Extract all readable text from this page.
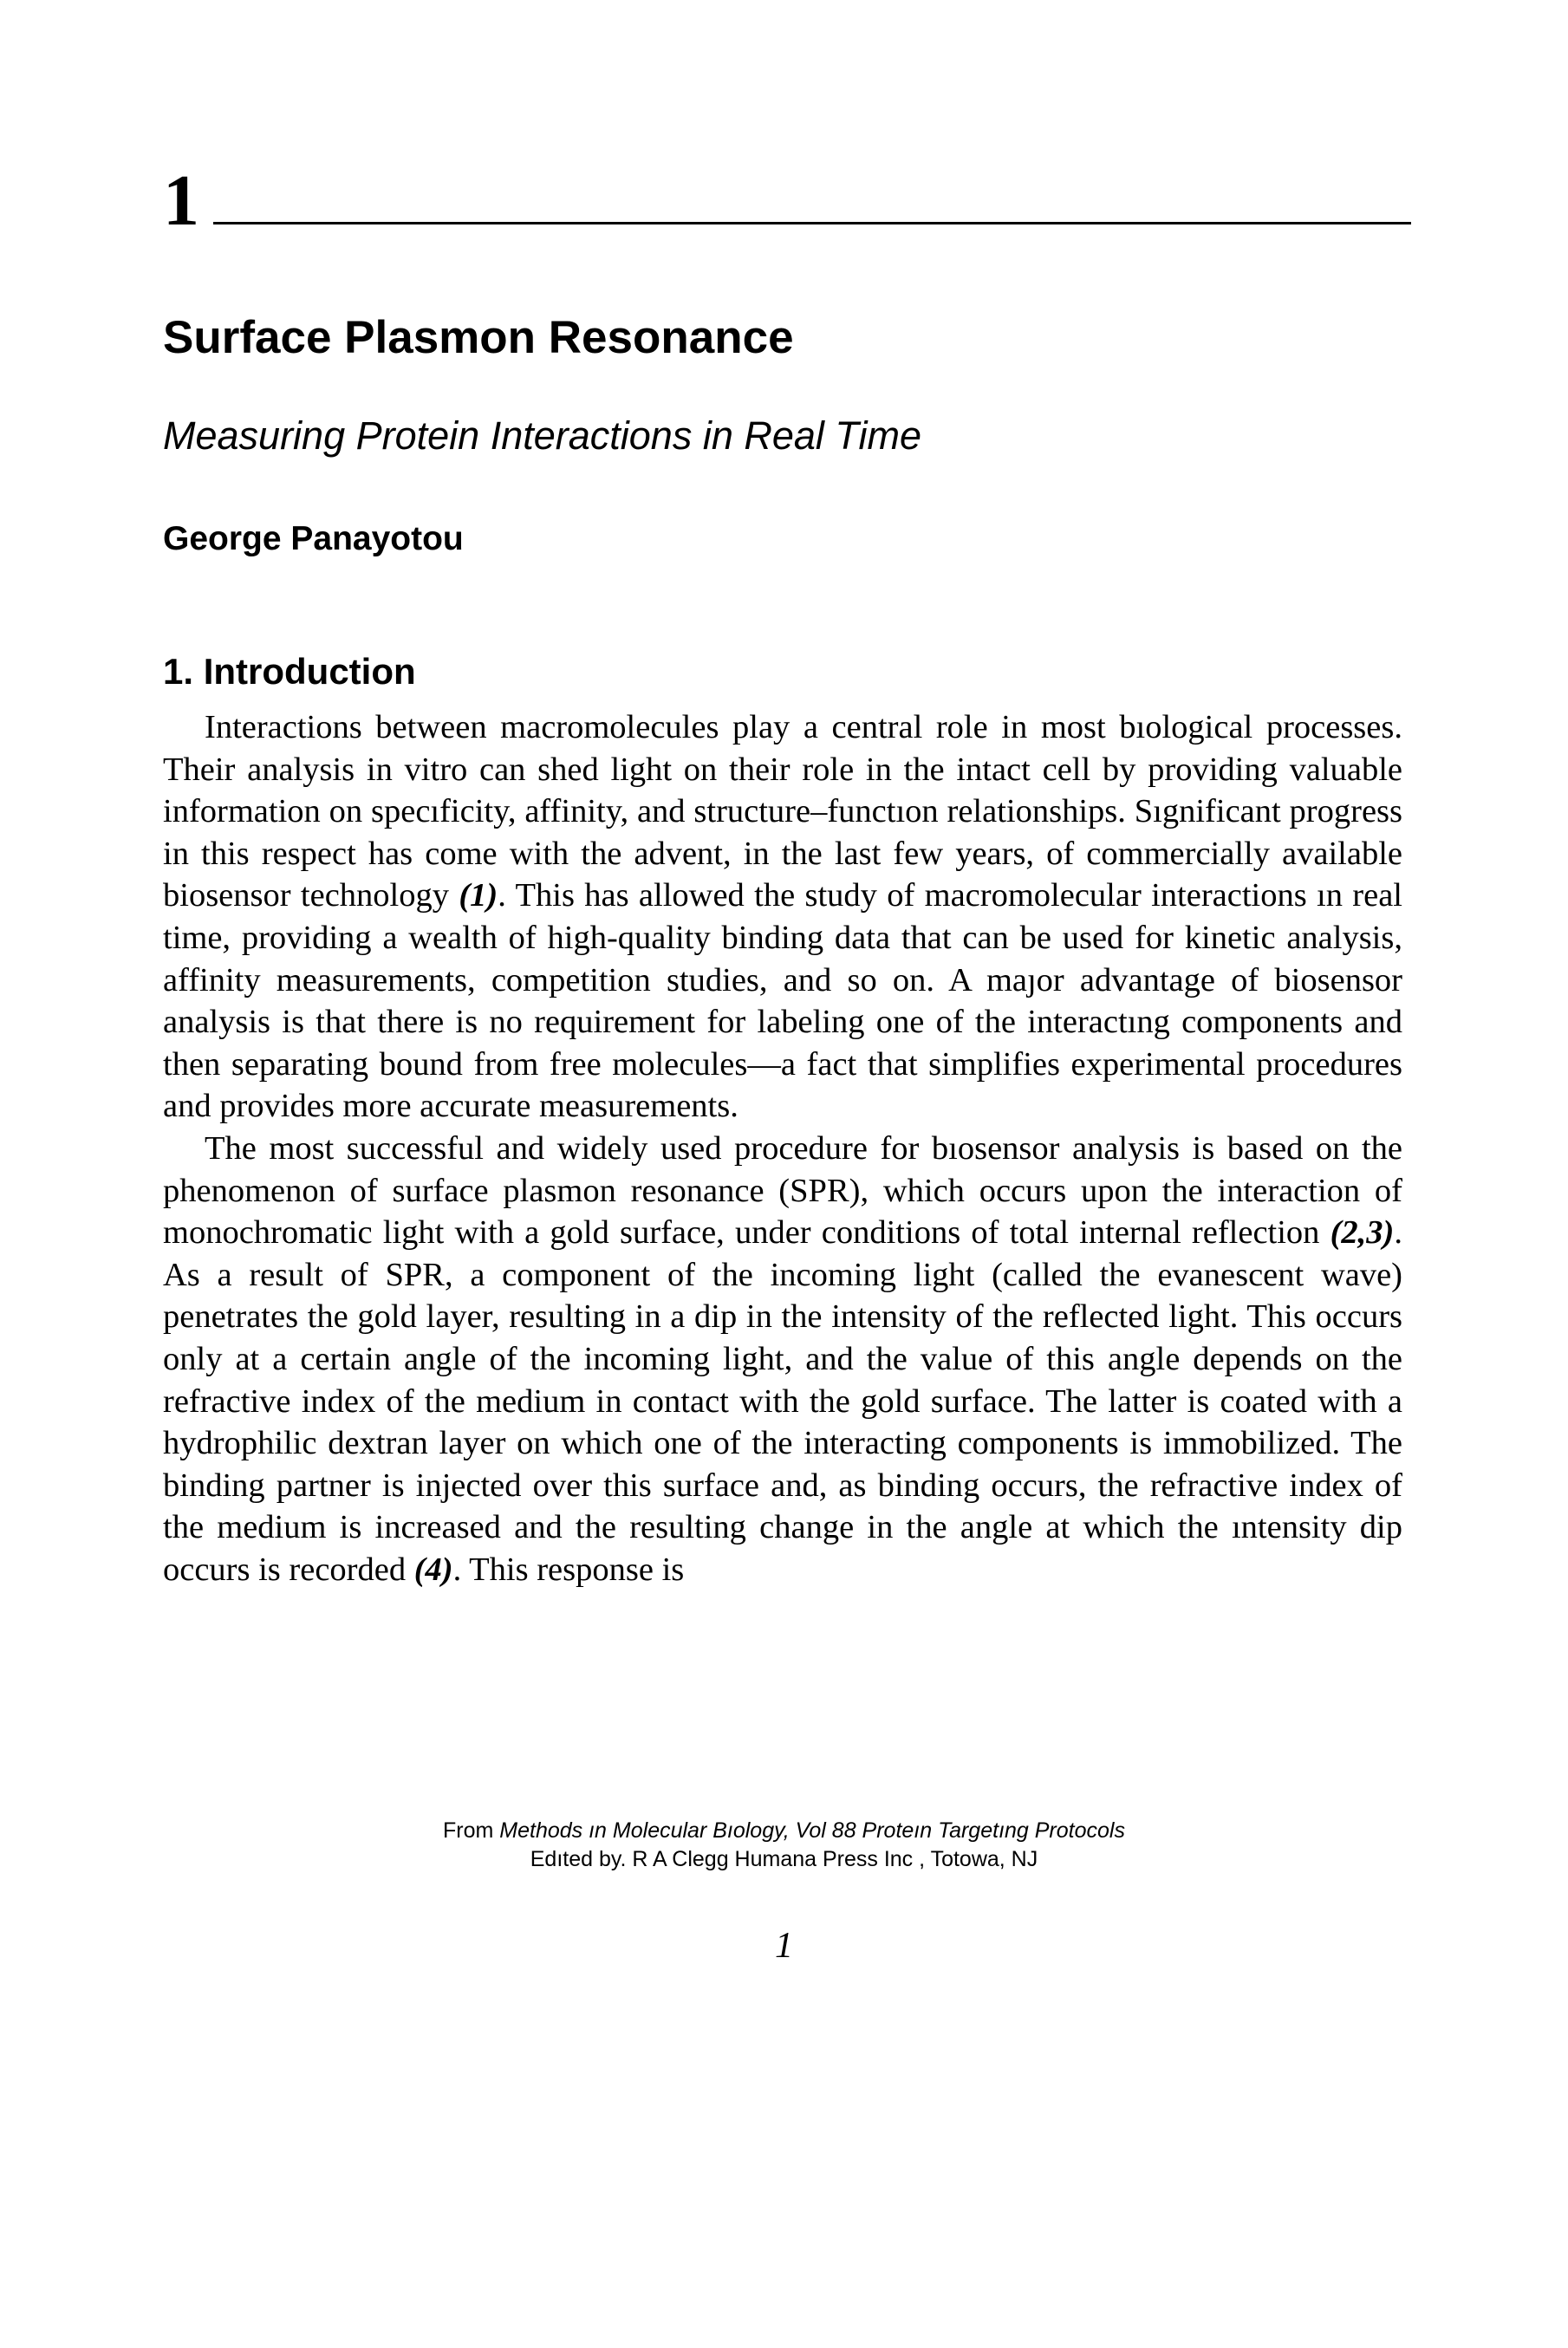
1
Surface Plasmon Resonance
Measuring Protein Interactions in Real Time
George Panayotou
1. Introduction

Interactions between macromolecules play a central role in most bıological processes. Their analysis in vitro can shed light on their role in the intact cell by providing valuable information on specıficity, affinity, and structure–functıon relationships. Sıgnificant progress in this respect has come with the advent, in the last few years, of commercially available biosensor technology (1). This has allowed the study of macromolecular interactions ın real time, providing a wealth of high-quality binding data that can be used for kinetic analysis, affinity measurements, competition studies, and so on. A maȷor advantage of biosensor analysis is that there is no requirement for labeling one of the interactıng components and then separating bound from free molecules—a fact that simplifies experimental procedures and provides more accurate measurements.

The most successful and widely used procedure for bıosensor analysis is based on the phenomenon of surface plasmon resonance (SPR), which occurs upon the interaction of monochromatic light with a gold surface, under conditions of total internal reflection (2,3). As a result of SPR, a component of the incoming light (called the evanescent wave) penetrates the gold layer, resulting in a dip in the intensity of the reflected light. This occurs only at a certain angle of the incoming light, and the value of this angle depends on the refractive index of the medium in contact with the gold surface. The latter is coated with a hydrophilic dextran layer on which one of the interacting components is immobilized. The binding partner is injected over this surface and, as binding occurs, the refractive index of the medium is increased and the resulting change in the angle at which the ıntensity dip occurs is recorded (4). This response is

From Methods ın Molecular Bıology, Vol 88 Proteın Targetıng Protocols
Edıted by. R A Clegg Humana Press Inc , Totowa, NJ
1
